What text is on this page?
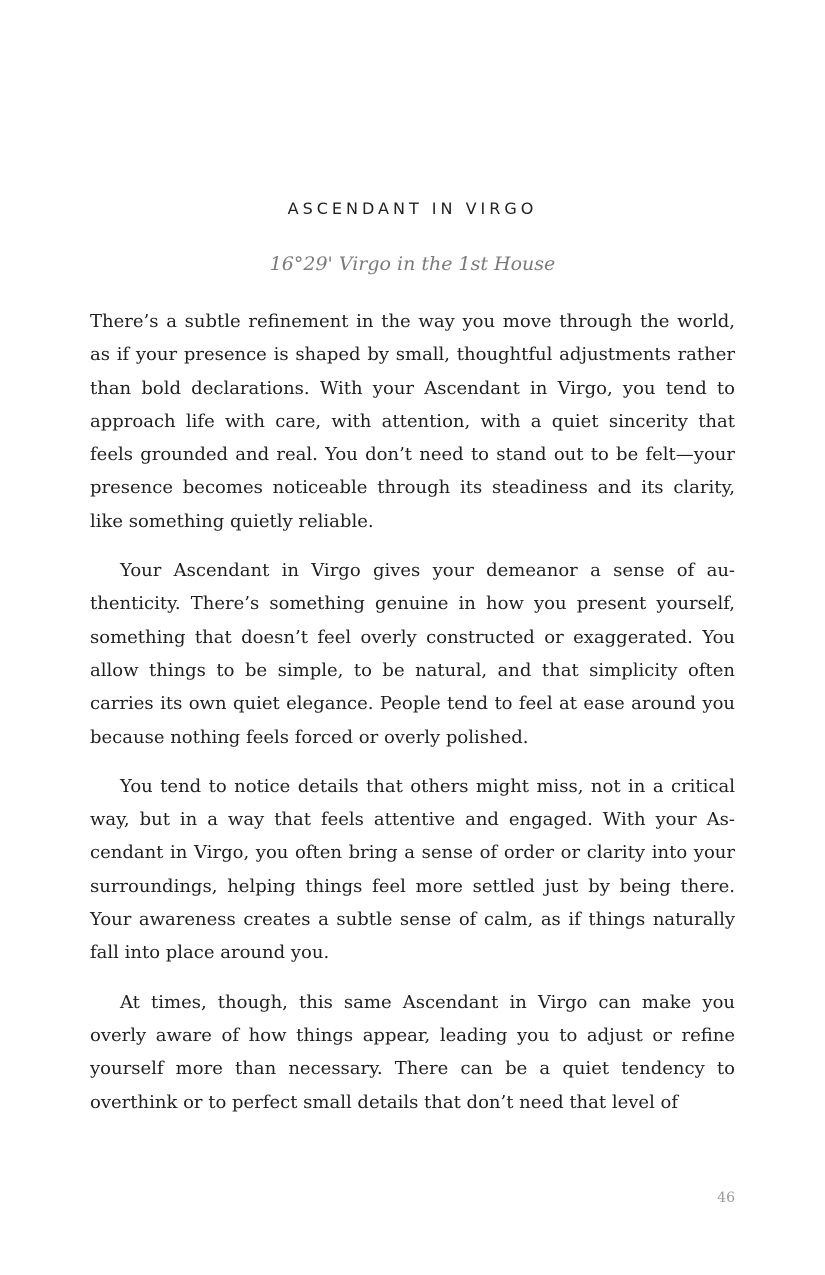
ASCENDANT IN VIRGO
16°29' Virgo in the 1st House

There’s a subtle refinement in the way you move through the world, as if your presence is shaped by small, thoughtful adjustments rather than bold declarations. With your Ascendant in Virgo, you tend to approach life with care, with attention, with a quiet sincerity that feels grounded and real. You don’t need to stand out to be felt—your presence becomes noticeable through its steadiness and its clarity, like something quietly reliable.

Your Ascendant in Virgo gives your demeanor a sense of authenticity. There’s something genuine in how you present yourself, something that doesn’t feel overly constructed or exaggerated. You allow things to be simple, to be natural, and that simplicity often carries its own quiet elegance. People tend to feel at ease around you because nothing feels forced or overly polished.

You tend to notice details that others might miss, not in a critical way, but in a way that feels attentive and engaged. With your Ascendant in Virgo, you often bring a sense of order or clarity into your surroundings, helping things feel more settled just by being there. Your awareness creates a subtle sense of calm, as if things naturally fall into place around you.

At times, though, this same Ascendant in Virgo can make you overly aware of how things appear, leading you to adjust or refine yourself more than necessary. There can be a quiet tendency to overthink or to perfect small details that don’t need that level of

46
